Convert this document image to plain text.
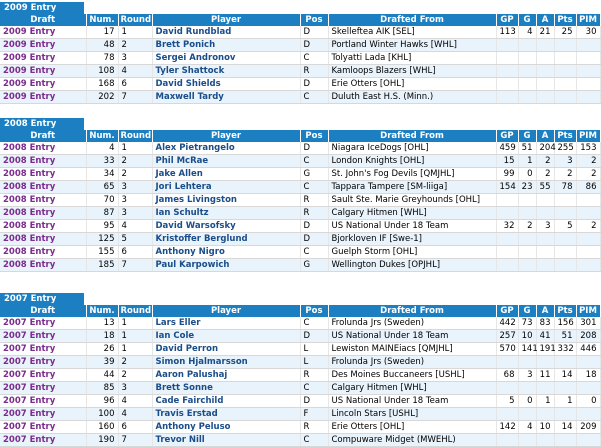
2009 Entry
Draft	Num.	Round	Player	Pos	Drafted From	GP	G	A	Pts	PIM
2009 Entry	17	1	David Rundblad	D	Skelleftea AIK [SEL]	113	4	21	25	30
2009 Entry	48	2	Brett Ponich	D	Portland Winter Hawks [WHL]					
2009 Entry	78	3	Sergei Andronov	C	Tolyatti Lada [KHL]					
2009 Entry	108	4	Tyler Shattock	R	Kamloops Blazers [WHL]					
2009 Entry	168	6	David Shields	D	Erie Otters [OHL]					
2009 Entry	202	7	Maxwell Tardy	C	Duluth East H.S. (Minn.)					
2008 Entry
Draft	Num.	Round	Player	Pos	Drafted From	GP	G	A	Pts	PIM
2008 Entry	4	1	Alex Pietrangelo	D	Niagara IceDogs [OHL]	459	51	204	255	153
2008 Entry	33	2	Phil McRae	C	London Knights [OHL]	15	1	2	3	2
2008 Entry	34	2	Jake Allen	G	St. John's Fog Devils [QMJHL]	99	0	2	2	2
2008 Entry	65	3	Jori Lehtera	C	Tappara Tampere [SM-liiga]	154	23	55	78	86
2008 Entry	70	3	James Livingston	R	Sault Ste. Marie Greyhounds [OHL]					
2008 Entry	87	3	Ian Schultz	R	Calgary Hitmen [WHL]					
2008 Entry	95	4	David Warsofsky	D	US National Under 18 Team	32	2	3	5	2
2008 Entry	125	5	Kristoffer Berglund	D	Bjorkloven IF [Swe-1]					
2008 Entry	155	6	Anthony Nigro	C	Guelph Storm [OHL]					
2008 Entry	185	7	Paul Karpowich	G	Wellington Dukes [OPJHL]					
2007 Entry
Draft	Num.	Round	Player	Pos	Drafted From	GP	G	A	Pts	PIM
2007 Entry	13	1	Lars Eller	C	Frolunda Jrs (Sweden)	442	73	83	156	301
2007 Entry	18	1	Ian Cole	D	US National Under 18 Team	257	10	41	51	208
2007 Entry	26	1	David Perron	L	Lewiston MAINEiacs [QMJHL]	570	141	191	332	446
2007 Entry	39	2	Simon Hjalmarsson	L	Frolunda Jrs (Sweden)					
2007 Entry	44	2	Aaron Palushaj	R	Des Moines Buccaneers [USHL]	68	3	11	14	18
2007 Entry	85	3	Brett Sonne	C	Calgary Hitmen [WHL]					
2007 Entry	96	4	Cade Fairchild	D	US National Under 18 Team	5	0	1	1	0
2007 Entry	100	4	Travis Erstad	F	Lincoln Stars [USHL]					
2007 Entry	160	6	Anthony Peluso	R	Erie Otters [OHL]	142	4	10	14	209
2007 Entry	190	7	Trevor Nill	C	Compuware Midget (MWEHL)					
